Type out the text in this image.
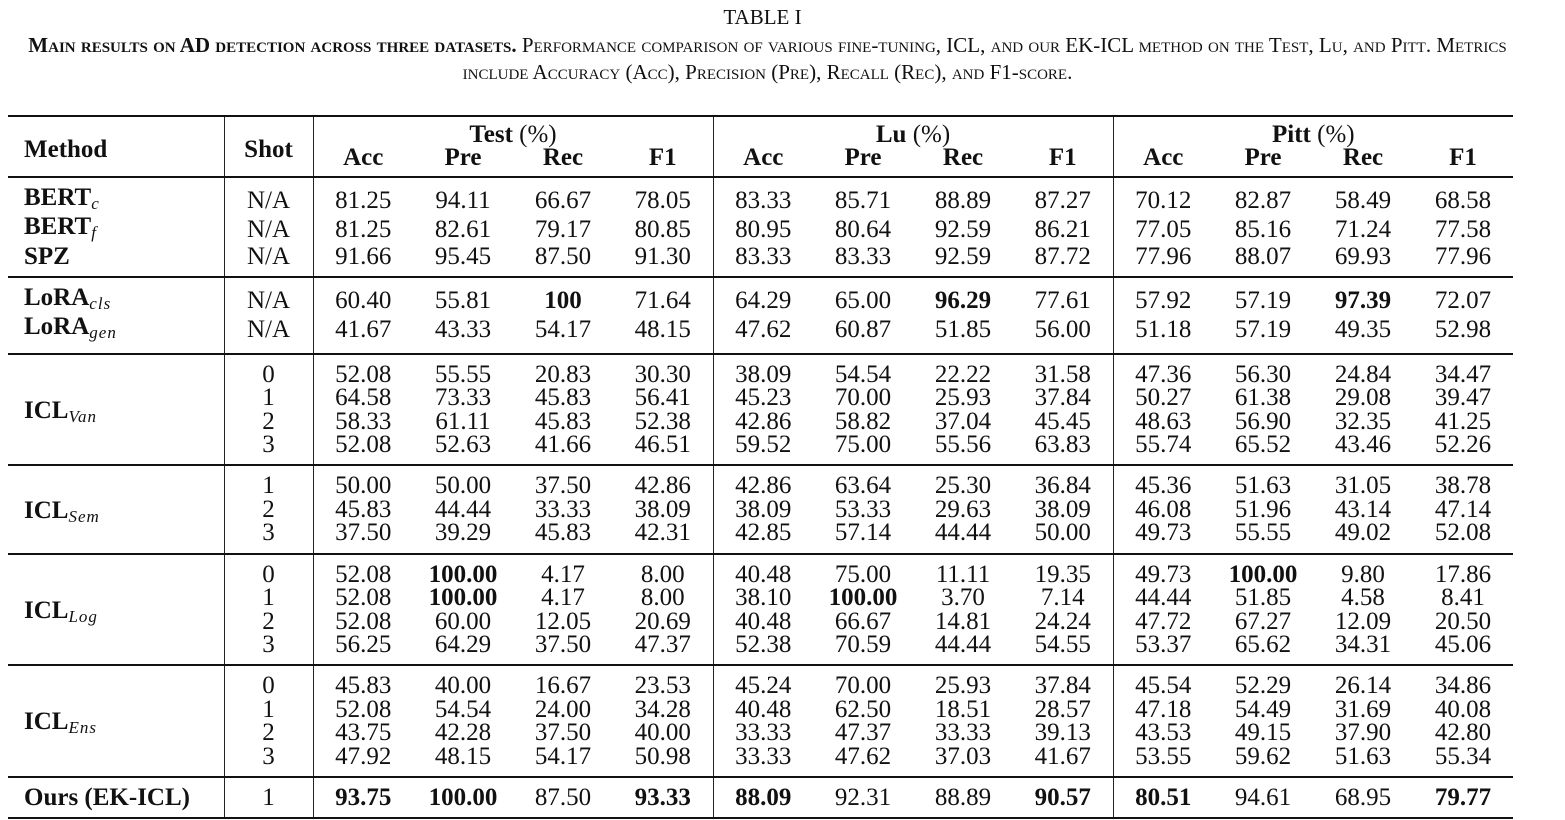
TABLE I
Main results on AD detection across three datasets. Performance comparison of various fine-tuning, ICL, and our EK-ICL method on the Test, Lu, and Pitt. Metrics include Accuracy (Acc), Precision (Pre), Recall (Rec), and F1-score.
Method	Shot	Test (%)				Lu (%)				Pitt (%)			
		Acc	Pre	Rec	F1	Acc	Pre	Rec	F1	Acc	Pre	Rec	F1
$BERT_c$	N/A	81.25	94.11	66.67	78.05	83.33	85.71	88.89	87.27	70.12	82.87	58.49	68.58
$BERT_f$	N/A	81.25	82.61	79.17	80.85	80.95	80.64	92.59	86.21	77.05	85.16	71.24	77.58
SPZ	N/A	91.66	95.45	87.50	91.30	83.33	83.33	92.59	87.72	77.96	88.07	69.93	77.96
LoRA$_{cls}$	N/A	60.40	55.81	100	71.64	64.29	65.00	96.29	77.61	57.92	57.19	97.39	72.07
LoRA$_{gen}$	N/A	41.67	43.33	54.17	48.15	47.62	60.87	51.85	56.00	51.18	57.19	49.35	52.98
$ICL_{Van}$	0	52.08	55.55	20.83	30.30	38.09	54.54	22.22	31.58	47.36	56.30	24.84	34.47
	1	64.58	73.33	45.83	56.41	45.23	70.00	25.93	37.84	50.27	61.38	29.08	39.47
	2	58.33	61.11	45.83	52.38	42.86	58.82	37.04	45.45	48.63	56.90	32.35	41.25
	3	52.08	52.63	41.66	46.51	59.52	75.00	55.56	63.83	55.74	65.52	43.46	52.26
$ICL_{Sem}$	1	50.00	50.00	37.50	42.86	42.86	63.64	25.30	36.84	45.36	51.63	31.05	38.78
	2	45.83	44.44	33.33	38.09	38.09	53.33	29.63	38.09	46.08	51.96	43.14	47.14
	3	37.50	39.29	45.83	42.31	42.85	57.14	44.44	50.00	49.73	55.55	49.02	52.08
$ICL_{Log}$	0	52.08	100.00	4.17	8.00	40.48	75.00	11.11	19.35	49.73	100.00	9.80	17.86
	1	52.08	100.00	4.17	8.00	38.10	100.00	3.70	7.14	44.44	51.85	4.58	8.41
	2	52.08	60.00	12.05	20.69	40.48	66.67	14.81	24.24	47.72	67.27	12.09	20.50
	3	56.25	64.29	37.50	47.37	52.38	70.59	44.44	54.55	53.37	65.62	34.31	45.06
$ICL_{Ens}$	0	45.83	40.00	16.67	23.53	45.24	70.00	25.93	37.84	45.54	52.29	26.14	34.86
	1	52.08	54.54	24.00	34.28	40.48	62.50	18.51	28.57	47.18	54.49	31.69	40.08
	2	43.75	42.28	37.50	40.00	33.33	47.37	33.33	39.13	43.53	49.15	37.90	42.80
	3	47.92	48.15	54.17	50.98	33.33	47.62	37.03	41.67	53.55	59.62	51.63	55.34
Ours (EK-ICL)	1	93.75	100.00	87.50	93.33	88.09	92.31	88.89	90.57	80.51	94.61	68.95	79.77
